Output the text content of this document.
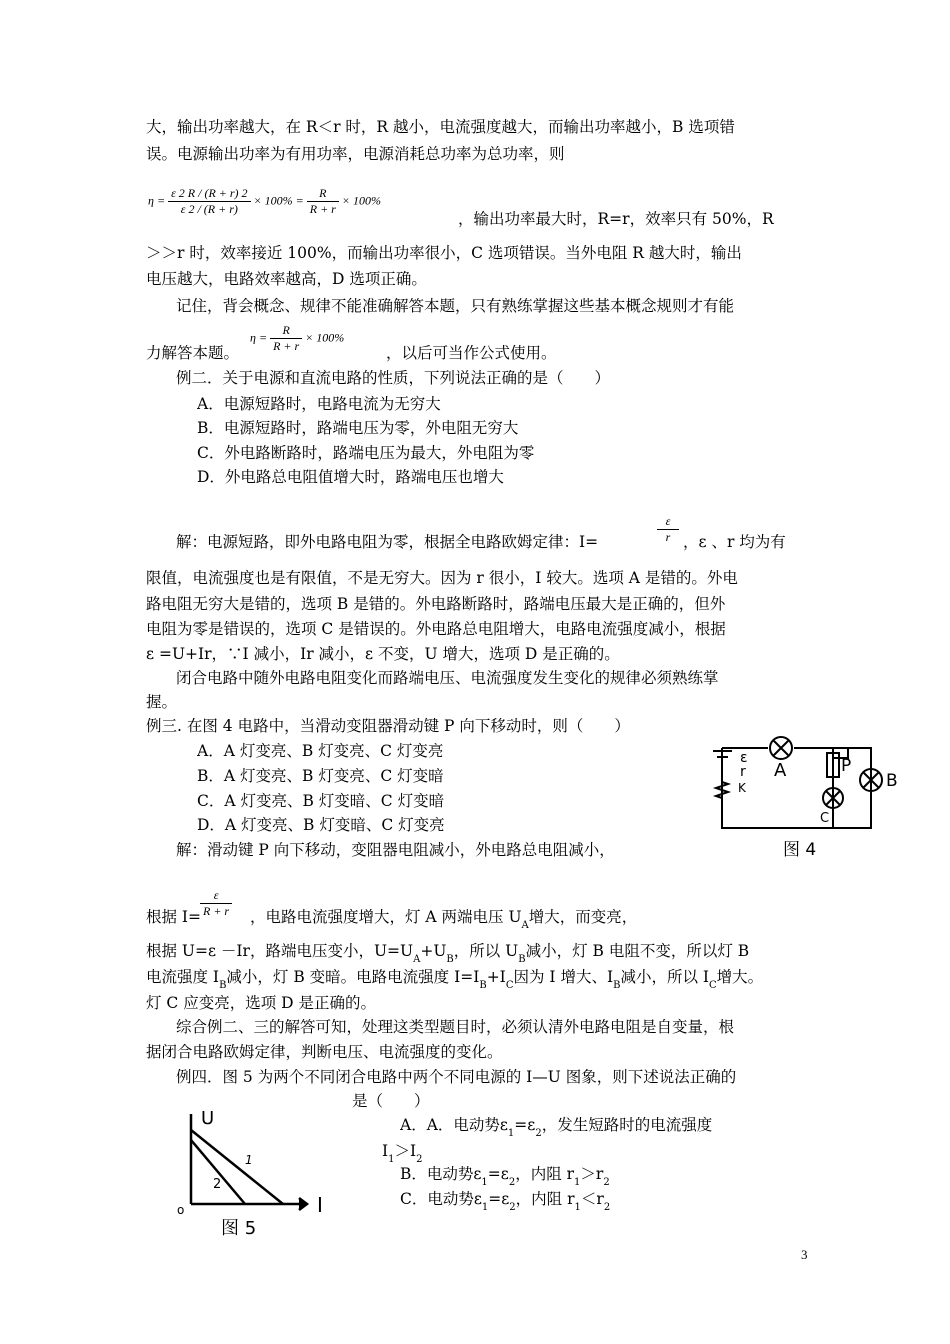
大，输出功率越大，在 R＜r 时，R 越小，电流强度越大，而输出功率越小，B 选项错
误。电源输出功率为有用功率，电源消耗总功率为总功率，则
$\eta = \frac{\varepsilon 2 R / (R + r) 2}{\varepsilon 2 / (R + r)} \times 100\% = \frac{R}{R + r} \times 100\%$
，输出功率最大时，R=r，效率只有 50%，R
＞＞r 时，效率接近 100%，而输出功率很小，C 选项错误。当外电阻 R 越大时，输出
电压越大，电路效率越高，D 选项正确。
记住，背会概念、规律不能准确解答本题，只有熟练掌握这些基本概念规则才有能
力解答本题。
$\eta = \frac{R}{R + r} \times 100\%$
，以后可当作公式使用。
例二．关于电源和直流电路的性质，下列说法正确的是（　　）
A．电源短路时，电路电流为无穷大
B．电源短路时，路端电压为零，外电阻无穷大
C．外电路断路时，路端电压为最大，外电阻为零
D．外电路总电阻值增大时，路端电压也增大
解：电源短路，即外电路电阻为零，根据全电路欧姆定律：I=	$\frac{\varepsilon}{r}$ ，ε 、r 均为有
限值，电流强度也是有限值，不是无穷大。因为 r 很小，I 较大。选项 A 是错的。外电
路电阻无穷大是错的，选项 B 是错的。外电路断路时，路端电压最大是正确的，但外
电阻为零是错误的，选项 C 是错误的。外电路总电阻增大，电路电流强度减小，根据
ε =U+Ir，∵I 减小，Ir 减小，ε 不变，U 增大，选项 D 是正确的。
闭合电路中随外电路电阻变化而路端电压、电流强度发生变化的规律必须熟练掌
握。
例三. 在图 4 电路中，当滑动变阻器滑动键 P 向下移动时，则（　　）
A．A 灯变亮、B 灯变亮、C 灯变亮
B．A 灯变亮、B 灯变亮、C 灯变暗
C．A 灯变亮、B 灯变暗、C 灯变暗
D．A 灯变亮、B 灯变暗、C 灯变亮
解：滑动键 P 向下移动，变阻器电阻减小，外电路总电阻减小，
ε
r A	P
B
C
K
图 4
根据 I=
$\frac{\varepsilon}{R + r}$ ，电路电流强度增大，灯 A 两端电压 $U_A$增大，而变亮，
根据 U=ε －Ir，路端电压变小，$U=U_A+U_B$，所以 $U_B$减小，灯 B 电阻不变，所以灯 B
电流强度 $I_B$减小，灯 B 变暗。电路电流强度 $I=I_B+I_C$因为 I 增大、$I_B$减小，所以 $I_C$增大。
灯 C 应变亮，选项 D 是正确的。
综合例二、三的解答可知，处理这类型题目时，必须认清外电路电阻是自变量，根
据闭合电路欧姆定律，判断电压、电流强度的变化。
例四．图 5 为两个不同闭合电路中两个不同电源的 I—U 图象，则下述说法正确的
是（　　）
U
I
o
1
2
图 5
A．A．电动势$\varepsilon_1=\varepsilon_2$，发生短路时的电流强度
$I_1>I_2$
B．电动势$\varepsilon_1=\varepsilon_2$，内阻 $r_1>r_2$
C．电动势$\varepsilon_1=\varepsilon_2$，内阻 $r_1<r_2$
3
